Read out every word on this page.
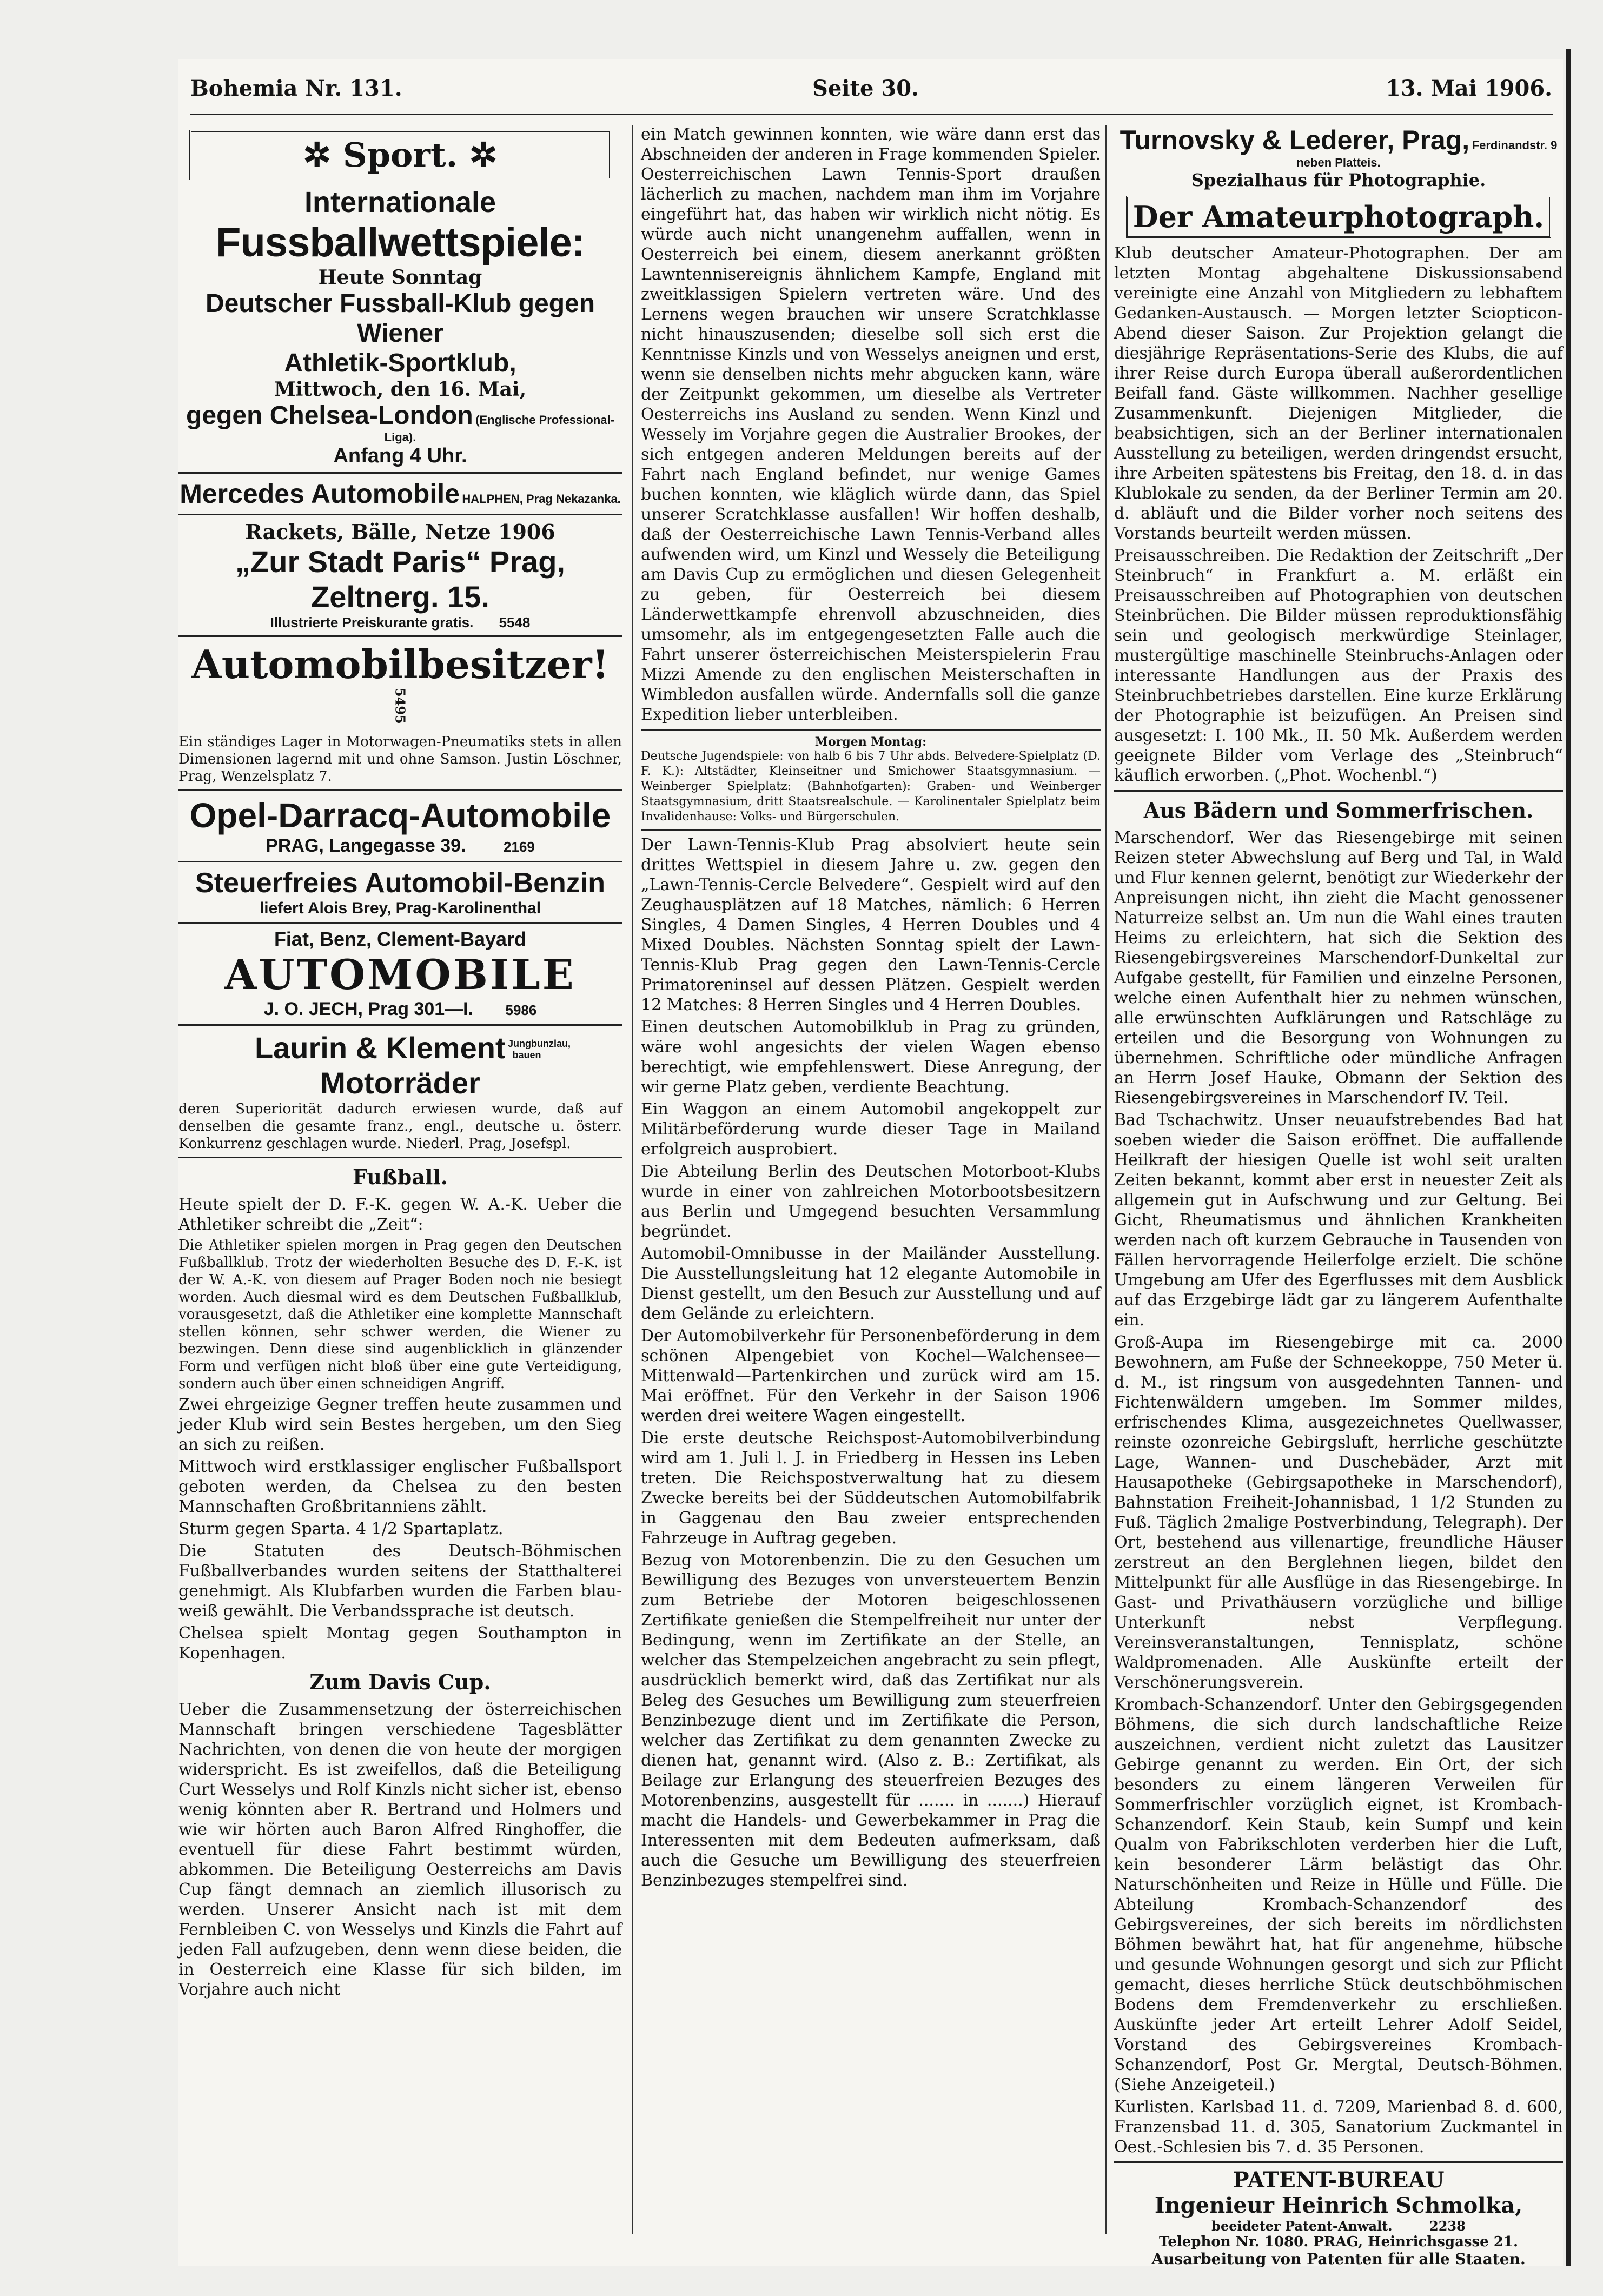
Bohemia Nr. 131.	Seite 30.	13. Mai 1906.
✲ Sport. ✲
Internationale
Fussballwettspiele:
Heute Sonntag
Deutscher Fussball-Klub gegen Wiener
Athletik-Sportklub,
Mittwoch, den 16. Mai,
gegen Chelsea-London (Englische Professional-Liga).
Anfang 4 Uhr.
Mercedes Automobile HALPHEN, Prag Nekazanka.
Rackets, Bälle, Netze 1906
„Zur Stadt Paris“ Prag, Zeltnerg. 15.
Illustrierte Preiskurante gratis. 5548
Automobilbesitzer! 5495
Ein ständiges Lager in Motorwagen-Pneumatiks stets in allen Dimensionen lagernd mit und ohne Samson. Justin Löschner, Prag, Wenzelsplatz 7.
Opel-Darracq-Automobile
PRAG, Langegasse 39.	2169
Steuerfreies Automobil-Benzin
liefert Alois Brey, Prag-Karolinenthal
Fiat, Benz, Clement-Bayard
AUTOMOBILE
J. O. JECH, Prag 301—I. 5986
Laurin & Klement Jungbunzlau, bauen Motorräder
deren Superiorität dadurch erwiesen wurde, daß auf denselben die gesamte franz., engl., deutsche u. österr. Konkurrenz geschlagen wurde. Niederl. Prag, Josefspl.
Fußball.
Heute spielt der D. F.-K. gegen W. A.-K. Ueber die Athletiker schreibt die „Zeit“:
Die Athletiker spielen morgen in Prag gegen den Deutschen Fußballklub. Trotz der wiederholten Besuche des D. F.-K. ist der W. A.-K. von diesem auf Prager Boden noch nie besiegt worden. Auch diesmal wird es dem Deutschen Fußballklub, vorausgesetzt, daß die Athletiker eine komplette Mannschaft stellen können, sehr schwer werden, die Wiener zu bezwingen. Denn diese sind augenblicklich in glänzender Form und verfügen nicht bloß über eine gute Verteidigung, sondern auch über einen schneidigen Angriff.
Zwei ehrgeizige Gegner treffen heute zusammen und jeder Klub wird sein Bestes hergeben, um den Sieg an sich zu reißen.
Mittwoch wird erstklassiger englischer Fußballsport geboten werden, da Chelsea zu den besten Mannschaften Großbritanniens zählt.
Sturm gegen Sparta. 4 1/2 Spartaplatz.
Die Statuten des Deutsch-Böhmischen Fußballverbandes wurden seitens der Statthalterei genehmigt. Als Klubfarben wurden die Farben blau-weiß gewählt. Die Verbandssprache ist deutsch.
Chelsea spielt Montag gegen Southampton in Kopenhagen.
Zum Davis Cup.
Ueber die Zusammensetzung der österreichischen Mannschaft bringen verschiedene Tagesblätter Nachrichten, von denen die von heute der morgigen widerspricht. Es ist zweifellos, daß die Beteiligung Curt Wesselys und Rolf Kinzls nicht sicher ist, ebenso wenig könnten aber R. Bertrand und Holmers und wie wir hörten auch Baron Alfred Ringhoffer, die eventuell für diese Fahrt bestimmt würden, abkommen. Die Beteiligung Oesterreichs am Davis Cup fängt demnach an ziemlich illusorisch zu werden. Unserer Ansicht nach ist mit dem Fernbleiben C. von Wesselys und Kinzls die Fahrt auf jeden Fall aufzugeben, denn wenn diese beiden, die in Oesterreich eine Klasse für sich bilden, im Vorjahre auch nicht
ein Match gewinnen konnten, wie wäre dann erst das Abschneiden der anderen in Frage kommenden Spieler. Oesterreichischen Lawn Tennis-Sport draußen lächerlich zu machen, nachdem man ihm im Vorjahre eingeführt hat, das haben wir wirklich nicht nötig. Es würde auch nicht unangenehm auffallen, wenn in Oesterreich bei einem, diesem anerkannt größten Lawntennisereignis ähnlichem Kampfe, England mit zweitklassigen Spielern vertreten wäre. Und des Lernens wegen brauchen wir unsere Scratchklasse nicht hinauszusenden; dieselbe soll sich erst die Kenntnisse Kinzls und von Wesselys aneignen und erst, wenn sie denselben nichts mehr abgucken kann, wäre der Zeitpunkt gekommen, um dieselbe als Vertreter Oesterreichs ins Ausland zu senden. Wenn Kinzl und Wessely im Vorjahre gegen die Australier Brookes, der sich entgegen anderen Meldungen bereits auf der Fahrt nach England befindet, nur wenige Games buchen konnten, wie kläglich würde dann, das Spiel unserer Scratchklasse ausfallen! Wir hoffen deshalb, daß der Oesterreichische Lawn Tennis-Verband alles aufwenden wird, um Kinzl und Wessely die Beteiligung am Davis Cup zu ermöglichen und diesen Gelegenheit zu geben, für Oesterreich bei diesem Länderwettkampfe ehrenvoll abzuschneiden, dies umsomehr, als im entgegengesetzten Falle auch die Fahrt unserer österreichischen Meisterspielerin Frau Mizzi Amende zu den englischen Meisterschaften in Wimbledon ausfallen würde. Andernfalls soll die ganze Expedition lieber unterbleiben.
Morgen Montag:
Deutsche Jugendspiele: von halb 6 bis 7 Uhr abds. Belvedere-Spielplatz (D. F. K.): Altstädter, Kleinseitner und Smichower Staatsgymnasium. — Weinberger Spielplatz: (Bahnhofgarten): Graben- und Weinberger Staatsgymnasium, dritt Staatsrealschule. — Karolinentaler Spielplatz beim Invalidenhause: Volks- und Bürgerschulen.
Der Lawn-Tennis-Klub Prag absolviert heute sein drittes Wettspiel in diesem Jahre u. zw. gegen den „Lawn-Tennis-Cercle Belvedere“. Gespielt wird auf den Zeughausplätzen auf 18 Matches, nämlich: 6 Herren Singles, 4 Damen Singles, 4 Herren Doubles und 4 Mixed Doubles. Nächsten Sonntag spielt der Lawn-Tennis-Klub Prag gegen den Lawn-Tennis-Cercle Primatoreninsel auf dessen Plätzen. Gespielt werden 12 Matches: 8 Herren Singles und 4 Herren Doubles.
Einen deutschen Automobilklub in Prag zu gründen, wäre wohl angesichts der vielen Wagen ebenso berechtigt, wie empfehlenswert. Diese Anregung, der wir gerne Platz geben, verdiente Beachtung.
Ein Waggon an einem Automobil angekoppelt zur Militärbeförderung wurde dieser Tage in Mailand erfolgreich ausprobiert.
Die Abteilung Berlin des Deutschen Motorboot-Klubs wurde in einer von zahlreichen Motorbootsbesitzern aus Berlin und Umgegend besuchten Versammlung begründet.
Automobil-Omnibusse in der Mailänder Ausstellung. Die Ausstellungsleitung hat 12 elegante Automobile in Dienst gestellt, um den Besuch zur Ausstellung und auf dem Gelände zu erleichtern.
Der Automobilverkehr für Personenbeförderung in dem schönen Alpengebiet von Kochel—Walchensee—Mittenwald—Partenkirchen und zurück wird am 15. Mai eröffnet. Für den Verkehr in der Saison 1906 werden drei weitere Wagen eingestellt.
Die erste deutsche Reichspost-Automobilverbindung wird am 1. Juli l. J. in Friedberg in Hessen ins Leben treten. Die Reichspostverwaltung hat zu diesem Zwecke bereits bei der Süddeutschen Automobilfabrik in Gaggenau den Bau zweier entsprechenden Fahrzeuge in Auftrag gegeben.
Bezug von Motorenbenzin. Die zu den Gesuchen um Bewilligung des Bezuges von unversteuertem Benzin zum Betriebe der Motoren beigeschlossenen Zertifikate genießen die Stempelfreiheit nur unter der Bedingung, wenn im Zertifikate an der Stelle, an welcher das Stempelzeichen angebracht zu sein pflegt, ausdrücklich bemerkt wird, daß das Zertifikat nur als Beleg des Gesuches um Bewilligung zum steuerfreien Benzinbezuge dient und im Zertifikate die Person, welcher das Zertifikat zu dem genannten Zwecke zu dienen hat, genannt wird. (Also z. B.: Zertifikat, als Beilage zur Erlangung des steuerfreien Bezuges des Motorenbenzins, ausgestellt für ....... in .......) Hierauf macht die Handels- und Gewerbekammer in Prag die Interessenten mit dem Bedeuten aufmerksam, daß auch die Gesuche um Bewilligung des steuerfreien Benzinbezuges stempelfrei sind.
Turnovsky & Lederer, Prag, Ferdinandstr. 9 neben Platteis.
Spezialhaus für Photographie.
Der Amateurphotograph.
Klub deutscher Amateur-Photographen. Der am letzten Montag abgehaltene Diskussionsabend vereinigte eine Anzahl von Mitgliedern zu lebhaftem Gedanken-Austausch. — Morgen letzter Sciopticon-Abend dieser Saison. Zur Projektion gelangt die diesjährige Repräsentations-Serie des Klubs, die auf ihrer Reise durch Europa überall außerordentlichen Beifall fand. Gäste willkommen. Nachher gesellige Zusammenkunft. Diejenigen Mitglieder, die beabsichtigen, sich an der Berliner internationalen Ausstellung zu beteiligen, werden dringendst ersucht, ihre Arbeiten spätestens bis Freitag, den 18. d. in das Klublokale zu senden, da der Berliner Termin am 20. d. abläuft und die Bilder vorher noch seitens des Vorstands beurteilt werden müssen.
Preisausschreiben. Die Redaktion der Zeitschrift „Der Steinbruch“ in Frankfurt a. M. erläßt ein Preisausschreiben auf Photographien von deutschen Steinbrüchen. Die Bilder müssen reproduktionsfähig sein und geologisch merkwürdige Steinlager, mustergültige maschinelle Steinbruchs-Anlagen oder interessante Handlungen aus der Praxis des Steinbruchbetriebes darstellen. Eine kurze Erklärung der Photographie ist beizufügen. An Preisen sind ausgesetzt: I. 100 Mk., II. 50 Mk. Außerdem werden geeignete Bilder vom Verlage des „Steinbruch“ käuflich erworben. („Phot. Wochenbl.“)
Aus Bädern und Sommerfrischen.
Marschendorf. Wer das Riesengebirge mit seinen Reizen steter Abwechslung auf Berg und Tal, in Wald und Flur kennen gelernt, benötigt zur Wiederkehr der Anpreisungen nicht, ihn zieht die Macht genossener Naturreize selbst an. Um nun die Wahl eines trauten Heims zu erleichtern, hat sich die Sektion des Riesengebirgsvereines Marschendorf-Dunkeltal zur Aufgabe gestellt, für Familien und einzelne Personen, welche einen Aufenthalt hier zu nehmen wünschen, alle erwünschten Aufklärungen und Ratschläge zu erteilen und die Besorgung von Wohnungen zu übernehmen. Schriftliche oder mündliche Anfragen an Herrn Josef Hauke, Obmann der Sektion des Riesengebirgsvereines in Marschendorf IV. Teil.
Bad Tschachwitz. Unser neuaufstrebendes Bad hat soeben wieder die Saison eröffnet. Die auffallende Heilkraft der hiesigen Quelle ist wohl seit uralten Zeiten bekannt, kommt aber erst in neuester Zeit als allgemein gut in Aufschwung und zur Geltung. Bei Gicht, Rheumatismus und ähnlichen Krankheiten werden nach oft kurzem Gebrauche in Tausenden von Fällen hervorragende Heilerfolge erzielt. Die schöne Umgebung am Ufer des Egerflusses mit dem Ausblick auf das Erzgebirge lädt gar zu längerem Aufenthalte ein.
Groß-Aupa im Riesengebirge mit ca. 2000 Bewohnern, am Fuße der Schneekoppe, 750 Meter ü. d. M., ist ringsum von ausgedehnten Tannen- und Fichtenwäldern umgeben. Im Sommer mildes, erfrischendes Klima, ausgezeichnetes Quellwasser, reinste ozonreiche Gebirgsluft, herrliche geschützte Lage, Wannen- und Duschebäder, Arzt mit Hausapotheke (Gebirgsapotheke in Marschendorf), Bahnstation Freiheit-Johannisbad, 1 1/2 Stunden zu Fuß. Täglich 2malige Postverbindung, Telegraph). Der Ort, bestehend aus villenartige, freundliche Häuser zerstreut an den Berglehnen liegen, bildet den Mittelpunkt für alle Ausflüge in das Riesengebirge. In Gast- und Privathäusern vorzügliche und billige Unterkunft nebst Verpflegung. Vereinsveranstaltungen, Tennisplatz, schöne Waldpromenaden. Alle Auskünfte erteilt der Verschönerungsverein.
Krombach-Schanzendorf. Unter den Gebirgsgegenden Böhmens, die sich durch landschaftliche Reize auszeichnen, verdient nicht zuletzt das Lausitzer Gebirge genannt zu werden. Ein Ort, der sich besonders zu einem längeren Verweilen für Sommerfrischler vorzüglich eignet, ist Krombach-Schanzendorf. Kein Staub, kein Sumpf und kein Qualm von Fabrikschloten verderben hier die Luft, kein besonderer Lärm belästigt das Ohr. Naturschönheiten und Reize in Hülle und Fülle. Die Abteilung Krombach-Schanzendorf des Gebirgsvereines, der sich bereits im nördlichsten Böhmen bewährt hat, hat für angenehme, hübsche und gesunde Wohnungen gesorgt und sich zur Pflicht gemacht, dieses herrliche Stück deutschböhmischen Bodens dem Fremdenverkehr zu erschließen. Auskünfte jeder Art erteilt Lehrer Adolf Seidel, Vorstand des Gebirgsvereines Krombach-Schanzendorf, Post Gr. Mergtal, Deutsch-Böhmen. (Siehe Anzeigeteil.)
Kurlisten. Karlsbad 11. d. 7209, Marienbad 8. d. 600, Franzensbad 11. d. 305, Sanatorium Zuckmantel in Oest.-Schlesien bis 7. d. 35 Personen.
PATENT-BUREAU
Ingenieur Heinrich Schmolka,
beeideter Patent-Anwalt.	2238
Telephon Nr. 1080. PRAG, Heinrichsgasse 21.
Ausarbeitung von Patenten für alle Staaten.
